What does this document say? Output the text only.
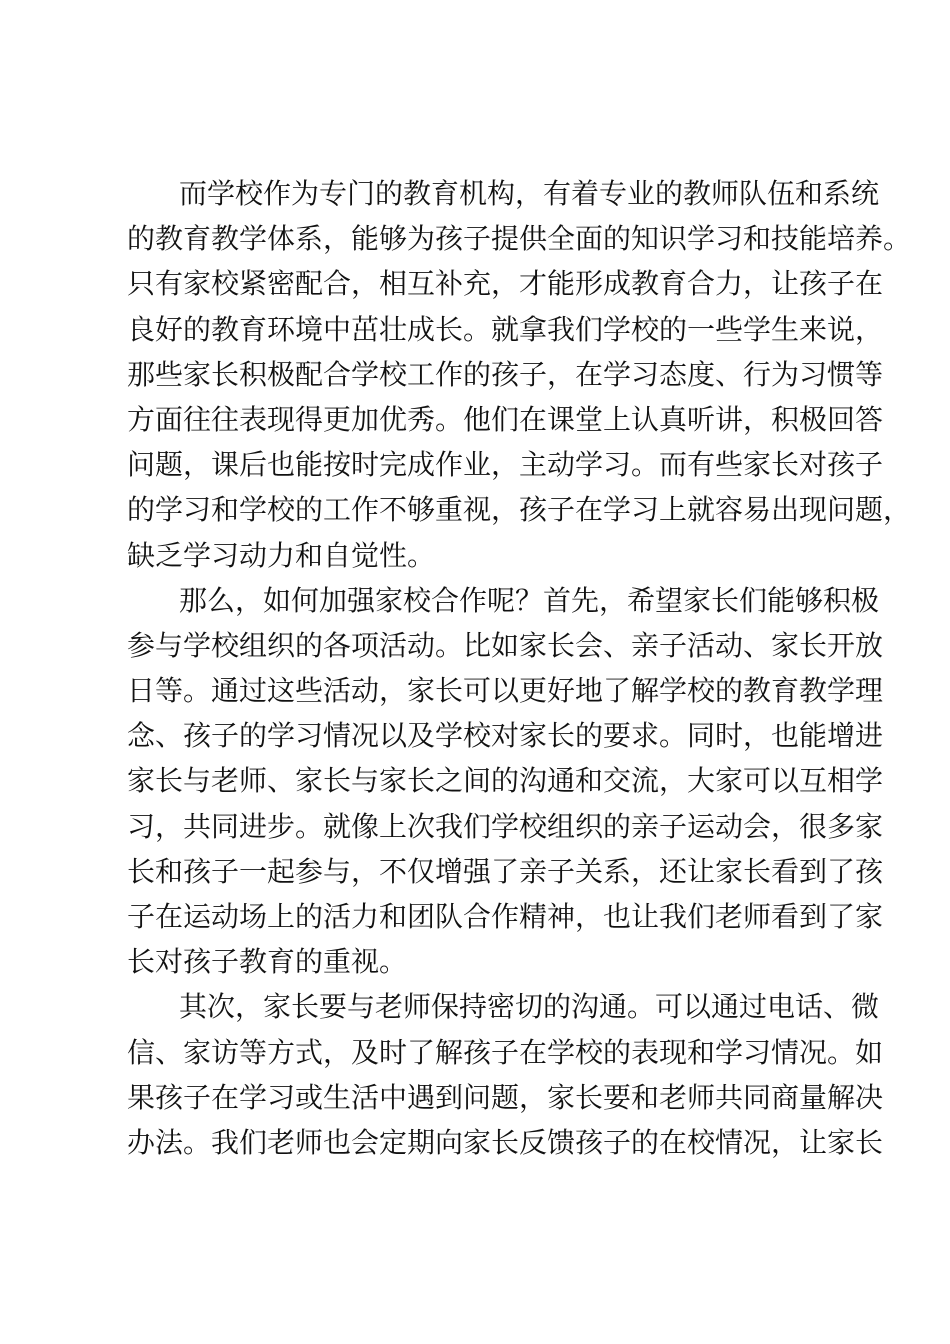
而学校作为专门的教育机构，有着专业的教师队伍和系统
的教育教学体系，能够为孩子提供全面的知识学习和技能培养。
只有家校紧密配合，相互补充，才能形成教育合力，让孩子在
良好的教育环境中茁壮成长。就拿我们学校的一些学生来说，
那些家长积极配合学校工作的孩子，在学习态度、行为习惯等
方面往往表现得更加优秀。他们在课堂上认真听讲，积极回答
问题，课后也能按时完成作业，主动学习。而有些家长对孩子
的学习和学校的工作不够重视，孩子在学习上就容易出现问题，
缺乏学习动力和自觉性。
那么，如何加强家校合作呢？首先，希望家长们能够积极
参与学校组织的各项活动。比如家长会、亲子活动、家长开放
日等。通过这些活动，家长可以更好地了解学校的教育教学理
念、孩子的学习情况以及学校对家长的要求。同时，也能增进
家长与老师、家长与家长之间的沟通和交流，大家可以互相学
习，共同进步。就像上次我们学校组织的亲子运动会，很多家
长和孩子一起参与，不仅增强了亲子关系，还让家长看到了孩
子在运动场上的活力和团队合作精神，也让我们老师看到了家
长对孩子教育的重视。
其次，家长要与老师保持密切的沟通。可以通过电话、微
信、家访等方式，及时了解孩子在学校的表现和学习情况。如
果孩子在学习或生活中遇到问题，家长要和老师共同商量解决
办法。我们老师也会定期向家长反馈孩子的在校情况，让家长
